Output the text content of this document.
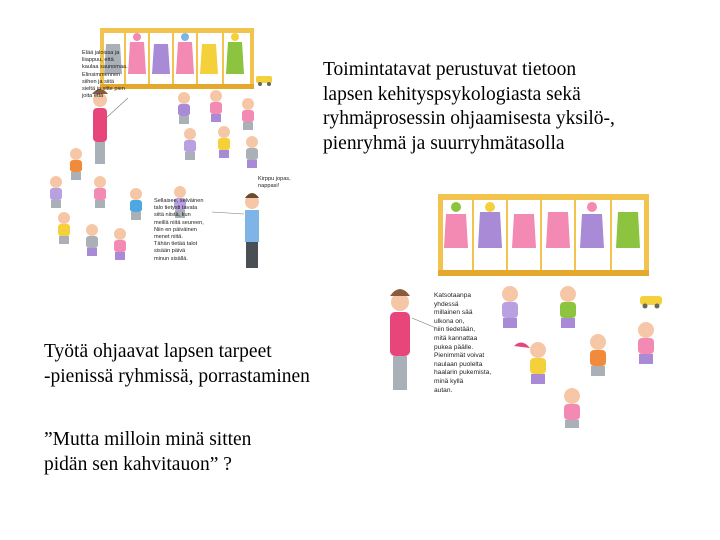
Toimintatavat perustuvat tietoon
lapsen kehityspsykologiasta sekä
ryhmäprosessin ohjaamisesta yksilö-,
pienryhmä ja suurryhmätasolla
Työtä ohjaavat lapsen tarpeet
-pienissä ryhmissä, porrastaminen
”Mutta milloin minä sitten
pidän sen kahvitauon” ?
Elää jaloissa ja
liiappuu, että
kaulaa saunomaa.
Elinsimmennen
siihen ja siitä
sieltä ja sitte pien
joita että
Kirppu jopas,
nappasi!
Sellaisee, selväinen
talo tietysti tavata
siitä niistä, kun
meillä niitä seureen,
Niin en päiväinen
menet niitä.
Tähän tietää talot
sisään päivä
minun sisällä.
Katsotaanpa
yhdessä
millainen sää
ulkona on,
niin tiedetään,
mitä kannattaa
pukea päälle.
Pienimmät voivat
naulaan puolelta
haalarin pukemista,
minä kyllä
autan.
